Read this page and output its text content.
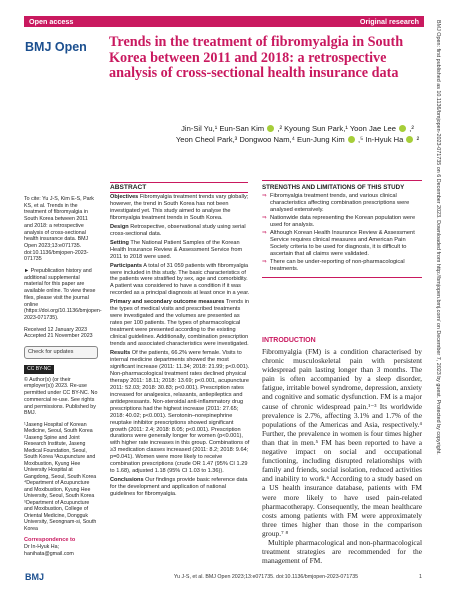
Open access	Original research
BMJ Open Trends in the treatment of fibromyalgia in South Korea between 2011 and 2018: a retrospective analysis of cross-sectional health insurance data
Jin-Sil Yu,¹ Eun-San Kim ,² Kyoung Sun Park,¹ Yoon Jae Lee ,²
Yeon Cheol Park,³ Dongwoo Nam,⁴ Eun-Jung Kim ,⁵ In-Hyuk Ha ²

To cite: Yu J-S, Kim E-S, Park KS, et al. Trends in the treatment of fibromyalgia in South Korea between 2011 and 2018: a retrospective analysis of cross-sectional health insurance data. BMJ Open 2023;13:e071735. doi:10.1136/bmjopen-2023-071735

► Prepublication history and additional supplemental material for this paper are available online. To view these files, please visit the journal online (https://doi.org/10.1136/bmjopen-2023-071735).

Received 12 January 2023

Accepted 21 November 2023

Check for updates
CC BY-NC

© Author(s) (or their employer(s)) 2023. Re-use permitted under CC BY-NC. No commercial re-use. See rights and permissions. Published by BMJ.

¹Jaseng Hospital of Korean Medicine, Seoul, South Korea ²Jaseng Spine and Joint Research Institute, Jaseng Medical Foundation, Seoul, South Korea ³Acupuncture and Moxibustion, Kyung Hee University Hospital at Gangdong, Seoul, South Korea ⁴Department of Acupuncture and Moxibustion, Kyung Hee University, Seoul, South Korea ⁵Department of Acupuncture and Moxibustion, College of Oriental Medicine, Dongguk University, Seongnam-si, South Korea

Correspondence to
Dr In-Hyuk Ha; hanihata@gmail.com
ABSTRACT

Objectives Fibromyalgia treatment trends vary globally; however, the trend in South Korea has not been investigated yet. This study aimed to analyse the fibromyalgia treatment trends in South Korea.

Design Retrospective, observational study using serial cross-sectional data.

Setting The National Patient Samples of the Korean Health Insurance Review & Assessment Service from 2011 to 2018 were used.

Participants A total of 31 059 patients with fibromyalgia were included in this study. The basic characteristics of the patients were stratified by sex, age and comorbidity. A patient was considered to have a condition if it was recorded as a principal diagnosis at least once in a year.

Primary and secondary outcome measures Trends in the types of medical visits and prescribed treatments were investigated and the volumes are presented as rates per 100 patients. The types of pharmacological treatment were presented according to the existing clinical guidelines. Additionally, combination prescription trends and associated characteristics were investigated.

Results Of the patients, 66.2% were female. Visits to internal medicine departments showed the most significant increase (2011: 11.34; 2018: 21.99; p<0.001). Non-pharmacological treatment rates declined physical therapy 2011: 18.11; 2018: 13.69; p<0.001, acupuncture 2011: 52.03; 2018: 30.83; p<0.001). Prescription rates increased for analgesics, relaxants, antiepileptics and antidepressants. Non-steroidal anti-inflammatory drug prescriptions had the highest increase (2011: 27.65; 2018: 40.02; p<0.001). Serotonin–norepinephrine reuptake inhibitor prescriptions showed significant growth (2011: 2.4; 2018: 8.05; p<0.001). Prescription durations were generally longer for women (p<0.001), with higher rate increases in this group. Combinations of ≥3 medication classes increased (2011: 8.2; 2018: 9.64; p=0.041). Women were more likely to receive combination prescriptions (crude OR 1.47 (95% CI 1.29 to 1.68), adjusted 1.18 (95% CI 1.03 to 1.36)).

Conclusions Our findings provide basic reference data for the development and application of national guidelines for fibromyalgia.

STRENGTHS AND LIMITATIONS OF THIS STUDY
⇒ Fibromyalgia treatment trends, and various clinical characteristics affecting combination prescriptions were analysed extensively.
⇒ Nationwide data representing the Korean population were used for analysis.
⇒ Although Korean Health Insurance Review & Assessment Service requires clinical measures and American Pain Society criteria to be used for diagnosis, it is difficult to ascertain that all claims were validated.
⇒ There can be under-reporting of non-pharmacological treatments.
INTRODUCTION

Fibromyalgia (FM) is a condition characterised by chronic musculoskeletal pain with persistent widespread pain lasting longer than 3 months. The pain is often accompanied by a sleep disorder, fatigue, irritable bowel syndrome, depression, anxiety and cognitive and somatic dysfunction. FM is a major cause of chronic widespread pain.¹⁻³ Its worldwide prevalence is 2.7%, affecting 3.1% and 1.7% of the populations of the Americas and Asia, respectively.⁴ Further, the prevalence in women is four times higher than that in men.⁵ FM has been reported to have a negative impact on social and occupational functioning, including disrupted relationships with family and friends, social isolation, reduced activities and inability to work.⁶ According to a study based on a US health insurance database, patients with FM were more likely to have used pain-related pharmacotherapy. Consequently, the mean healthcare costs among patients with FM were approximately three times higher than those in the comparison group.⁷ ⁸

Multiple pharmacological and non-pharmacological treatment strategies are recommended for the management of FM.

BMJ	Yu J-S, et al. BMJ Open 2023;13:e071735. doi:10.1136/bmjopen-2023-071735	1
BMJ Open: first published as 10.1136/bmjopen-2023-071735 on 6 December 2023. Downloaded from http://bmjopen.bmj.com/ on December 7, 2023 by guest. Protected by copyright.
